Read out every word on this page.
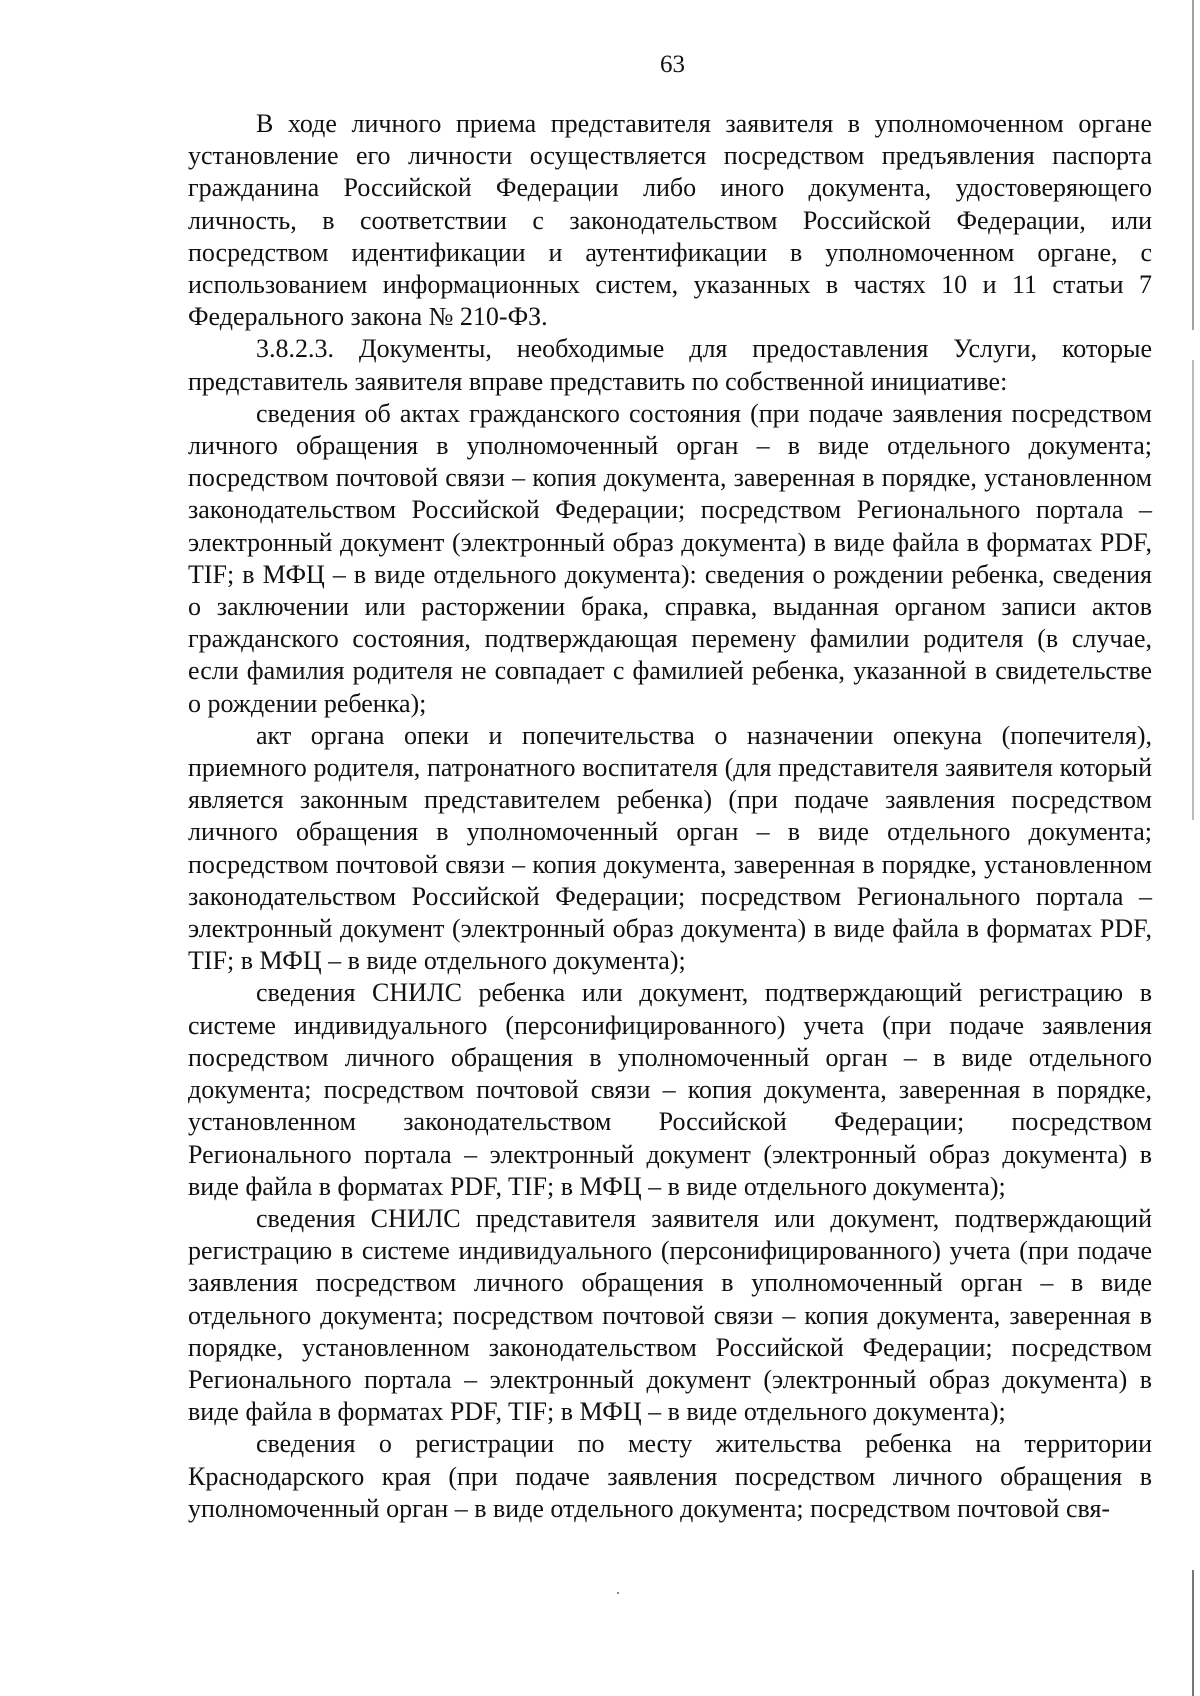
63

В ходе личного приема представителя заявителя в уполномоченном органе установление его личности осуществляется посредством предъявления паспорта гражданина Российской Федерации либо иного документа, удостоверяющего личность, в соответствии с законодательством Российской Федерации, или посредством идентификации и аутентификации в уполномоченном органе, с использованием информационных систем, указанных в частях 10 и 11 статьи 7 Федерального закона № 210-ФЗ.

3.8.2.3. Документы, необходимые для предоставления Услуги, которые представитель заявителя вправе представить по собственной инициативе:

сведения об актах гражданского состояния (при подаче заявления посредством личного обращения в уполномоченный орган – в виде отдельного документа; посредством почтовой связи – копия документа, заверенная в порядке, установленном законодательством Российской Федерации; посредством Регионального портала – электронный документ (электронный образ документа) в виде файла в форматах PDF, TIF; в МФЦ – в виде отдельного документа): сведения о рождении ребенка, сведения о заключении или расторжении брака, справка, выданная органом записи актов гражданского состояния, подтверждающая перемену фамилии родителя (в случае, если фамилия родителя не совпадает с фамилией ребенка, указанной в свидетельстве о рождении ребенка);

акт органа опеки и попечительства о назначении опекуна (попечителя), приемного родителя, патронатного воспитателя (для представителя заявителя который является законным представителем ребенка) (при подаче заявления посредством личного обращения в уполномоченный орган – в виде отдельного документа; посредством почтовой связи – копия документа, заверенная в порядке, установленном законодательством Российской Федерации; посредством Регионального портала – электронный документ (электронный образ документа) в виде файла в форматах PDF, TIF; в МФЦ – в виде отдельного документа);

сведения СНИЛС ребенка или документ, подтверждающий регистрацию в системе индивидуального (персонифицированного) учета (при подаче заявления посредством личного обращения в уполномоченный орган – в виде отдельного документа; посредством почтовой связи – копия документа, заверенная в порядке, установленном законодательством Российской Федерации; посредством Регионального портала – электронный документ (электронный образ документа) в виде файла в форматах PDF, TIF; в МФЦ – в виде отдельного документа);

сведения СНИЛС представителя заявителя или документ, подтверждающий регистрацию в системе индивидуального (персонифицированного) учета (при подаче заявления посредством личного обращения в уполномоченный орган – в виде отдельного документа; посредством почтовой связи – копия документа, заверенная в порядке, установленном законодательством Российской Федерации; посредством Регионального портала – электронный документ (электронный образ документа) в виде файла в форматах PDF, TIF; в МФЦ – в виде отдельного документа);

сведения о регистрации по месту жительства ребенка на территории Краснодарского края (при подаче заявления посредством личного обращения в уполномоченный орган – в виде отдельного документа; посредством почтовой свя-
